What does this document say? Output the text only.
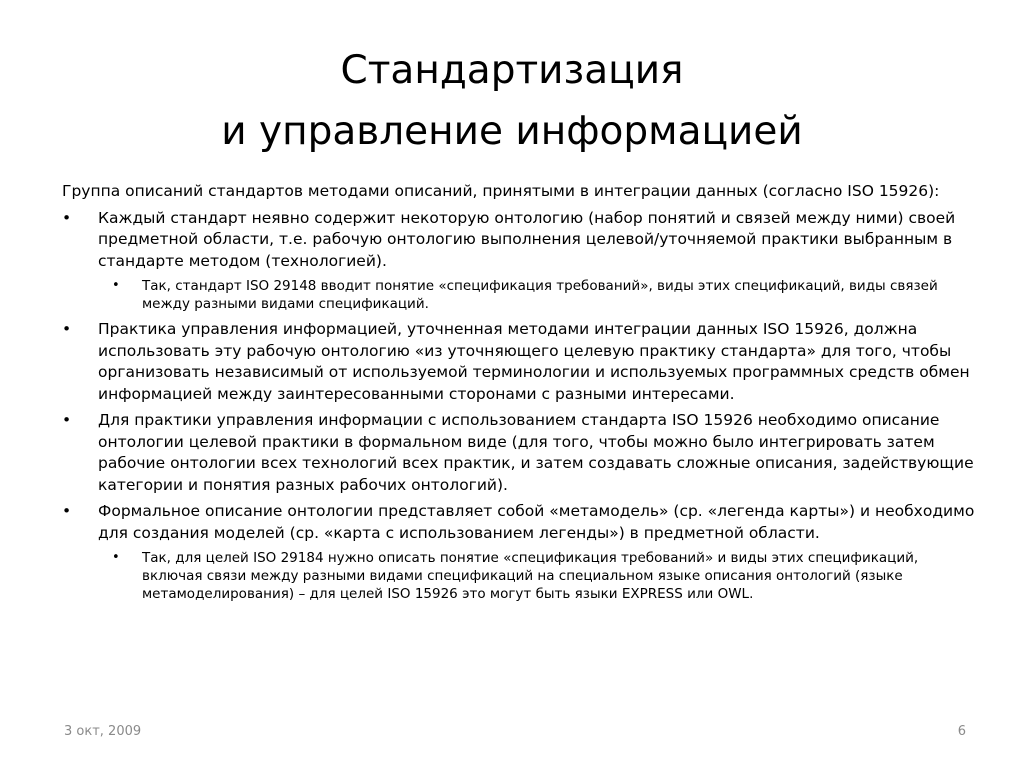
Стандартизация
и управление информацией
Группа описаний стандартов методами описаний, принятыми в интеграции данных (согласно ISO 15926):
• Каждый стандарт неявно содержит некоторую онтологию (набор понятий и связей между ними) своей предметной области, т.е. рабочую онтологию выполнения целевой/уточняемой практики выбранным в стандарте методом (технологией).
• Так, стандарт ISO 29148 вводит понятие «спецификация требований», виды этих спецификаций, виды связей между разными видами спецификаций.
• Практика управления информацией, уточненная методами интеграции данных ISO 15926, должна использовать эту рабочую онтологию «из уточняющего целевую практику стандарта» для того, чтобы организовать независимый от используемой терминологии и используемых программных средств обмен информацией между заинтересованными сторонами с разными интересами.
• Для практики управления информации с использованием стандарта ISO 15926 необходимо описание онтологии целевой практики в формальном виде (для того, чтобы можно было интегрировать затем рабочие онтологии всех технологий всех практик, и затем создавать сложные описания, задействующие категории и понятия разных рабочих онтологий).
• Формальное описание онтологии представляет собой «метамодель» (ср. «легенда карты») и необходимо для создания моделей (ср. «карта с использованием легенды») в предметной области.
• Так, для целей ISO 29184 нужно описать понятие «спецификация требований» и виды этих спецификаций, включая связи между разными видами спецификаций на специальном языке описания онтологий (языке метамоделирования) – для целей ISO 15926 это могут быть языки EXPRESS или OWL.
3 окт, 2009	6
